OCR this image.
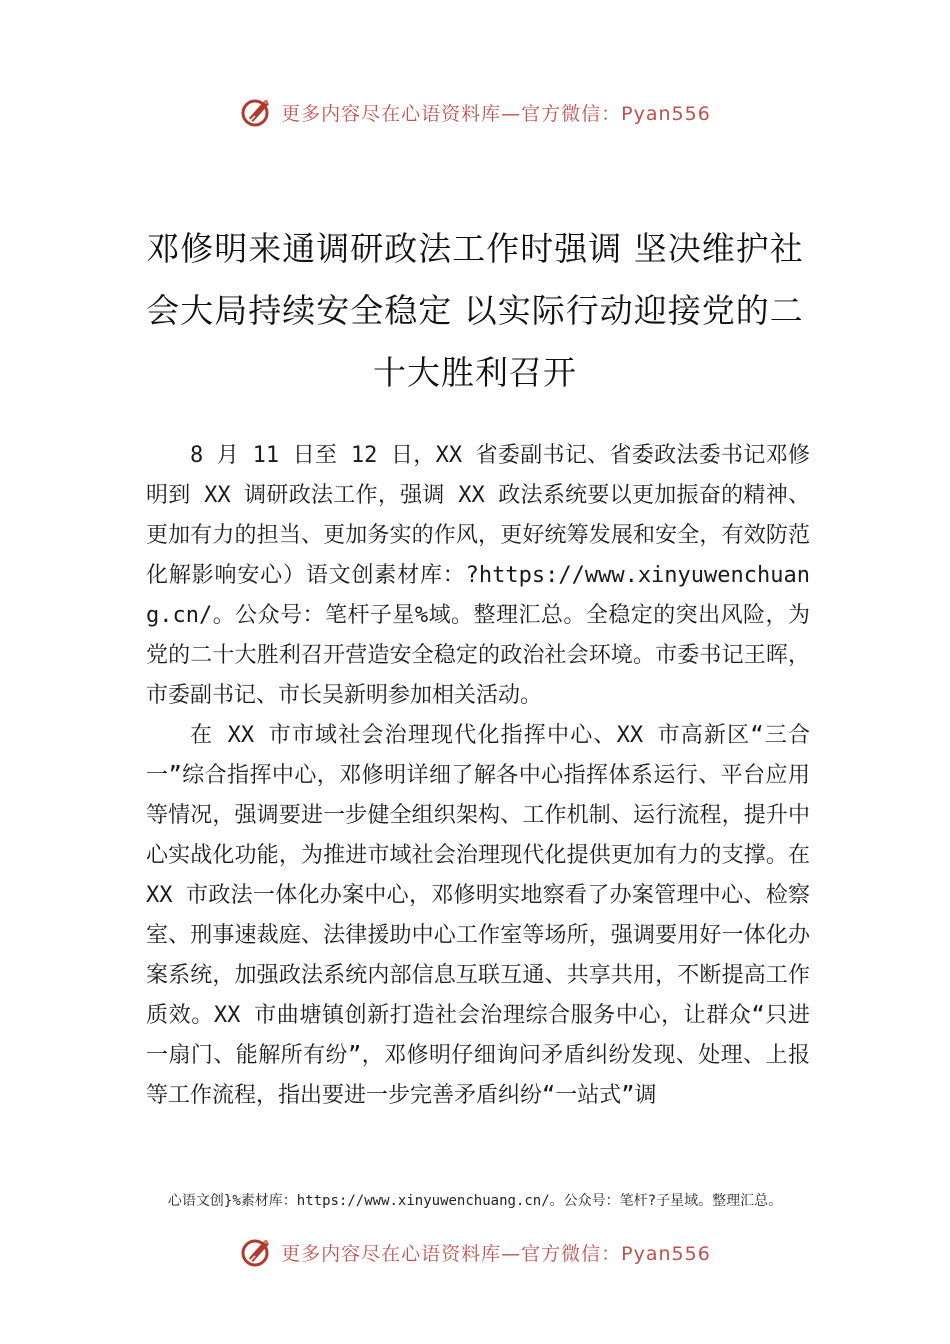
更多内容尽在心语资料库—官方微信：Pyan556
邓修明来通调研政法工作时强调 坚决维护社会大局持续安全稳定 以实际行动迎接党的二十大胜利召开

8 月 11 日至 12 日，XX 省委副书记、省委政法委书记邓修明到 XX 调研政法工作，强调 XX 政法系统要以更加振奋的精神、更加有力的担当、更加务实的作风，更好统筹发展和安全，有效防范化解影响安心）语文创素材库：?https://www.xinyuwenchuang.cn/。公众号：笔杆子星%域。整理汇总。全稳定的突出风险，为党的二十大胜利召开营造安全稳定的政治社会环境。市委书记王晖， 市委副书记、市长吴新明参加相关活动。

在 XX 市市域社会治理现代化指挥中心、XX 市高新区“三合一”综合指挥中心，邓修明详细了解各中心指挥体系运行、平台应用等情况，强调要进一步健全组织架构、工作机制、运行流程，提升中心实战化功能，为推进市域社会治理现代化提供更加有力的支撑。在 XX 市政法一体化办案中心，邓修明实地察看了办案管理中心、检察室、刑事速裁庭、法律援助中心工作室等场所，强调要用好一体化办案系统，加强政法系统内部信息互联互通、共享共用，不断提高工作质效。XX 市曲塘镇创新打造社会治理综合服务中心，让群众“只进一扇门、能解所有纷”，邓修明仔细询问矛盾纠纷发现、处理、上报等工作流程，指出要进一步完善矛盾纠纷“一站式”调

心语文创}%素材库：https://www.xinyuwenchuang.cn/。公众号：笔杆?子星域。整理汇总。
更多内容尽在心语资料库—官方微信：Pyan556
